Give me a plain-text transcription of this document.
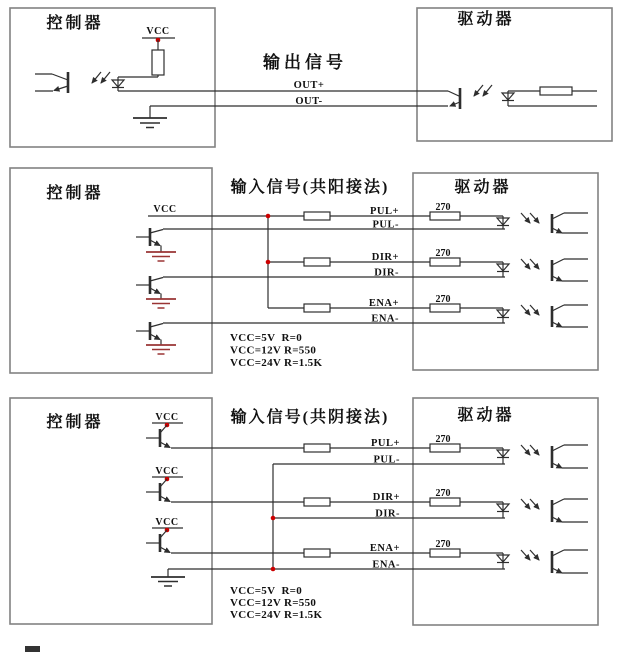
控制器	驱动器
输出信号
VCC
OUT+
OUT-
控制器	输入信号(共阳接法)	驱动器
VCC	PUL+
PUL-
DIR+
DIR-
ENA+
ENA-
270
270
270
VCC=5V  R=0
VCC=12V R=550
VCC=24V R=1.5K
控制器	输入信号(共阴接法)	驱动器
VCC
VCC
VCC
PUL+
PUL-
DIR+
DIR-
ENA+
ENA-
270
270
270
VCC=5V  R=0
VCC=12V R=550
VCC=24V R=1.5K
